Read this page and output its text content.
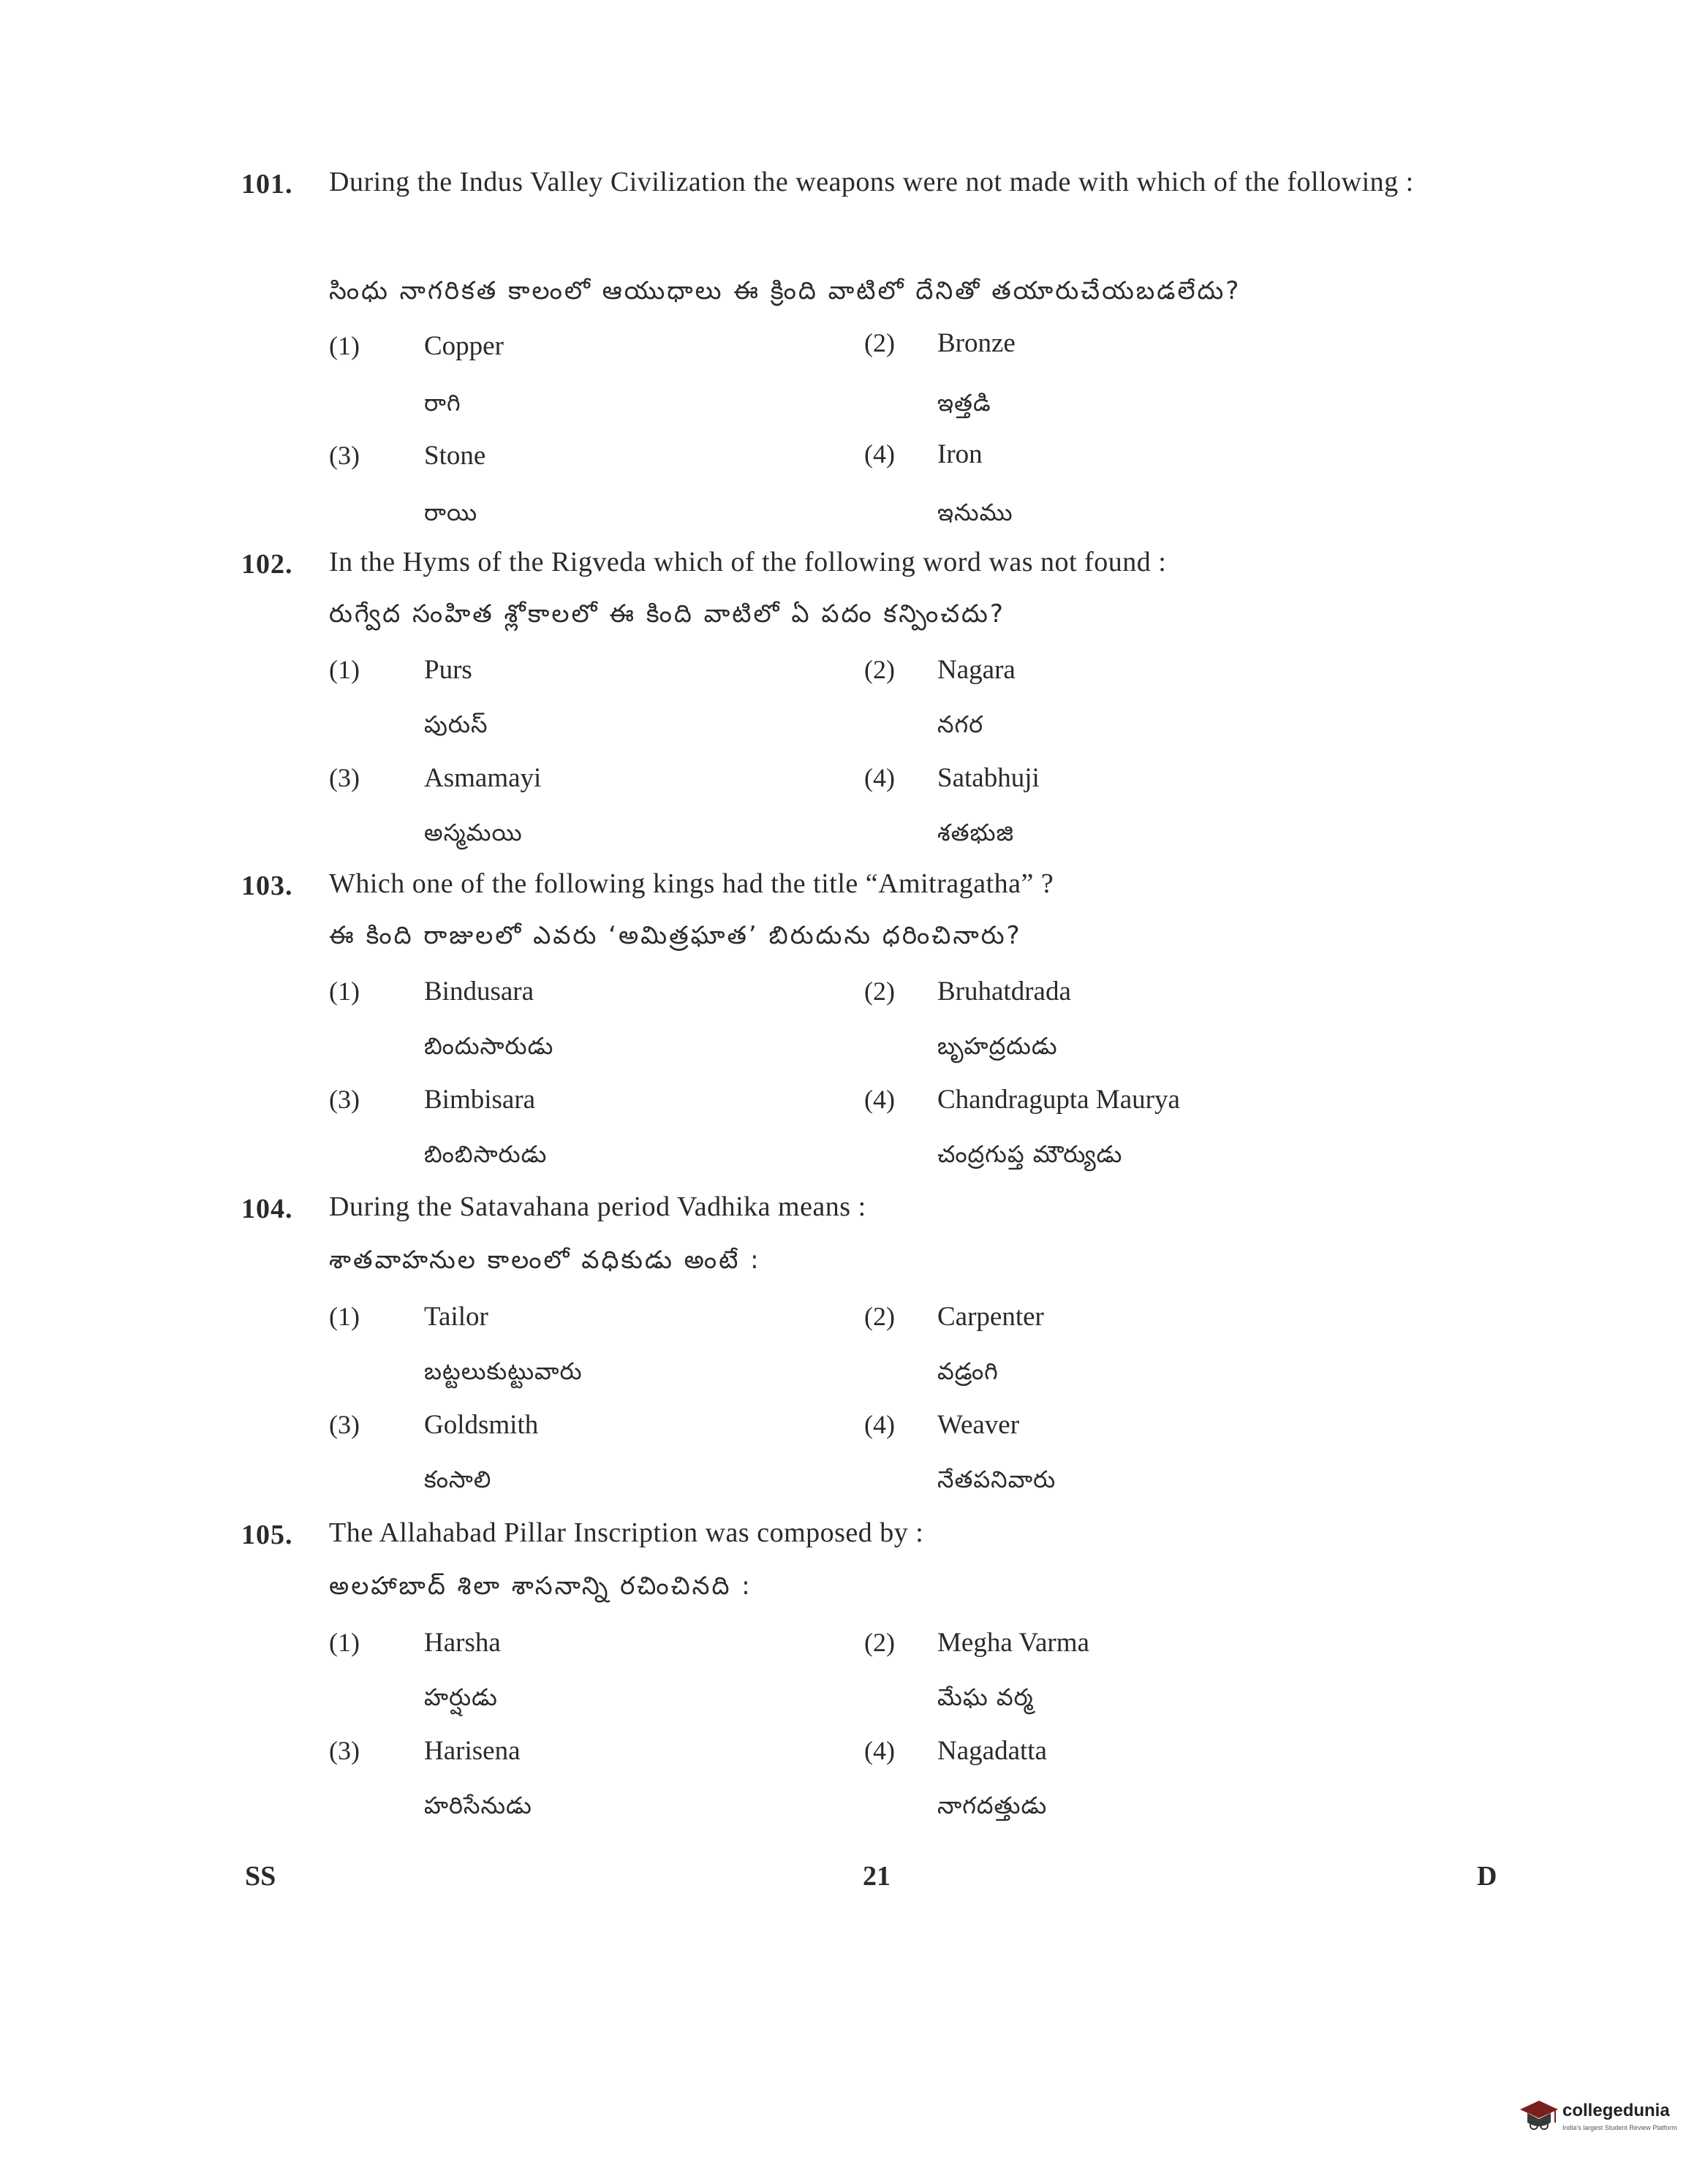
101. During the Indus Valley Civilization the weapons were not made with which of the following :
సింధు నాగరికత కాలంలో ఆయుధాలు ఈ క్రింది వాటిలో దేనితో తయారుచేయబడలేదు?
(1) Copper
రాగి
(2) Bronze
ఇత్తడి
(3) Stone
రాయి
(4) Iron
ఇనుము
102. In the Hyms of the Rigveda which of the following word was not found :
రుగ్వేద సంహిత శ్లోకాలలో ఈ కింది వాటిలో ఏ పదం కన్పించదు?
(1) Purs
పురుస్
(2) Nagara
నగర
(3) Asmamayi
అస్మమయి
(4) Satabhuji
శతభుజి
103. Which one of the following kings had the title “Amitragatha” ?
ఈ కింది రాజులలో ఎవరు ‘అమిత్రఘాత’ బిరుదును ధరించినారు?
(1) Bindusara
బిందుసారుడు
(2) Bruhatdrada
బృహద్రదుడు
(3) Bimbisara
బింబిసారుడు
(4) Chandragupta Maurya
చంద్రగుప్త మౌర్యుడు
104. During the Satavahana period Vadhika means :
శాతవాహనుల కాలంలో వధికుడు అంటే :
(1) Tailor
బట్టలుకుట్టువారు
(2) Carpenter
వడ్రంగి
(3) Goldsmith
కంసాలి
(4) Weaver
నేతపనివారు
105. The Allahabad Pillar Inscription was composed by :
అలహాబాద్ శిలా శాసనాన్ని రచించినది :
(1) Harsha
హర్షుడు
(2) Megha Varma
మేఘ వర్మ
(3) Harisena
హరిసేనుడు
(4) Nagadatta
నాగదత్తుడు
SS	21	D
collegedunia
India's largest Student Review Platform
